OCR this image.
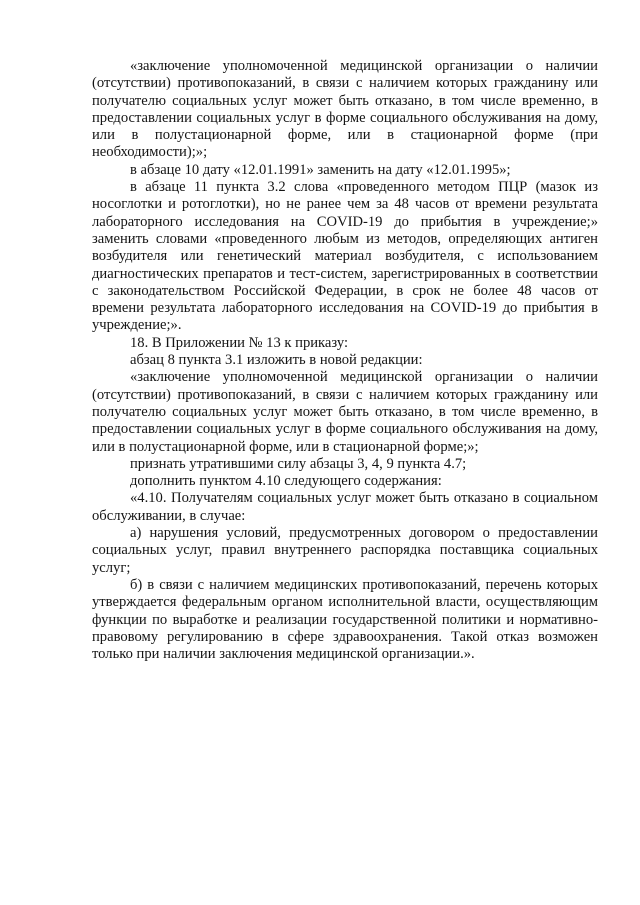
«заключение уполномоченной медицинской организации о наличии (отсутствии) противопоказаний, в связи с наличием которых гражданину или получателю социальных услуг может быть отказано, в том числе временно, в предоставлении социальных услуг в форме социального обслуживания на дому, или в полустационарной форме, или в стационарной форме (при необходимости);»;

в абзаце 10 дату «12.01.1991» заменить на дату «12.01.1995»;

в абзаце 11 пункта 3.2 слова «проведенного методом ПЦР (мазок из носоглотки и ротоглотки), но не ранее чем за 48 часов от времени результата лабораторного исследования на COVID-19 до прибытия в учреждение;» заменить словами «проведенного любым из методов, определяющих антиген возбудителя или генетический материал возбудителя, с использованием диагностических препаратов и тест-систем, зарегистрированных в соответствии с законодательством Российской Федерации, в срок не более 48 часов от времени результата лабораторного исследования на COVID-19 до прибытия в учреждение;».

18. В Приложении № 13 к приказу:

абзац 8 пункта 3.1 изложить в новой редакции:

«заключение уполномоченной медицинской организации о наличии (отсутствии) противопоказаний, в связи с наличием которых гражданину или получателю социальных услуг может быть отказано, в том числе временно, в предоставлении социальных услуг в форме социального обслуживания на дому, или в полустационарной форме, или в стационарной форме;»;

признать утратившими силу абзацы 3, 4, 9 пункта 4.7;

дополнить пунктом 4.10 следующего содержания:

«4.10. Получателям социальных услуг может быть отказано в социальном обслуживании, в случае:

а) нарушения условий, предусмотренных договором о предоставлении социальных услуг, правил внутреннего распорядка поставщика социальных услуг;

б) в связи с наличием медицинских противопоказаний, перечень которых утверждается федеральным органом исполнительной власти, осуществляющим функции по выработке и реализации государственной политики и нормативно-правовому регулированию в сфере здравоохранения. Такой отказ возможен только при наличии заключения медицинской организации.».
